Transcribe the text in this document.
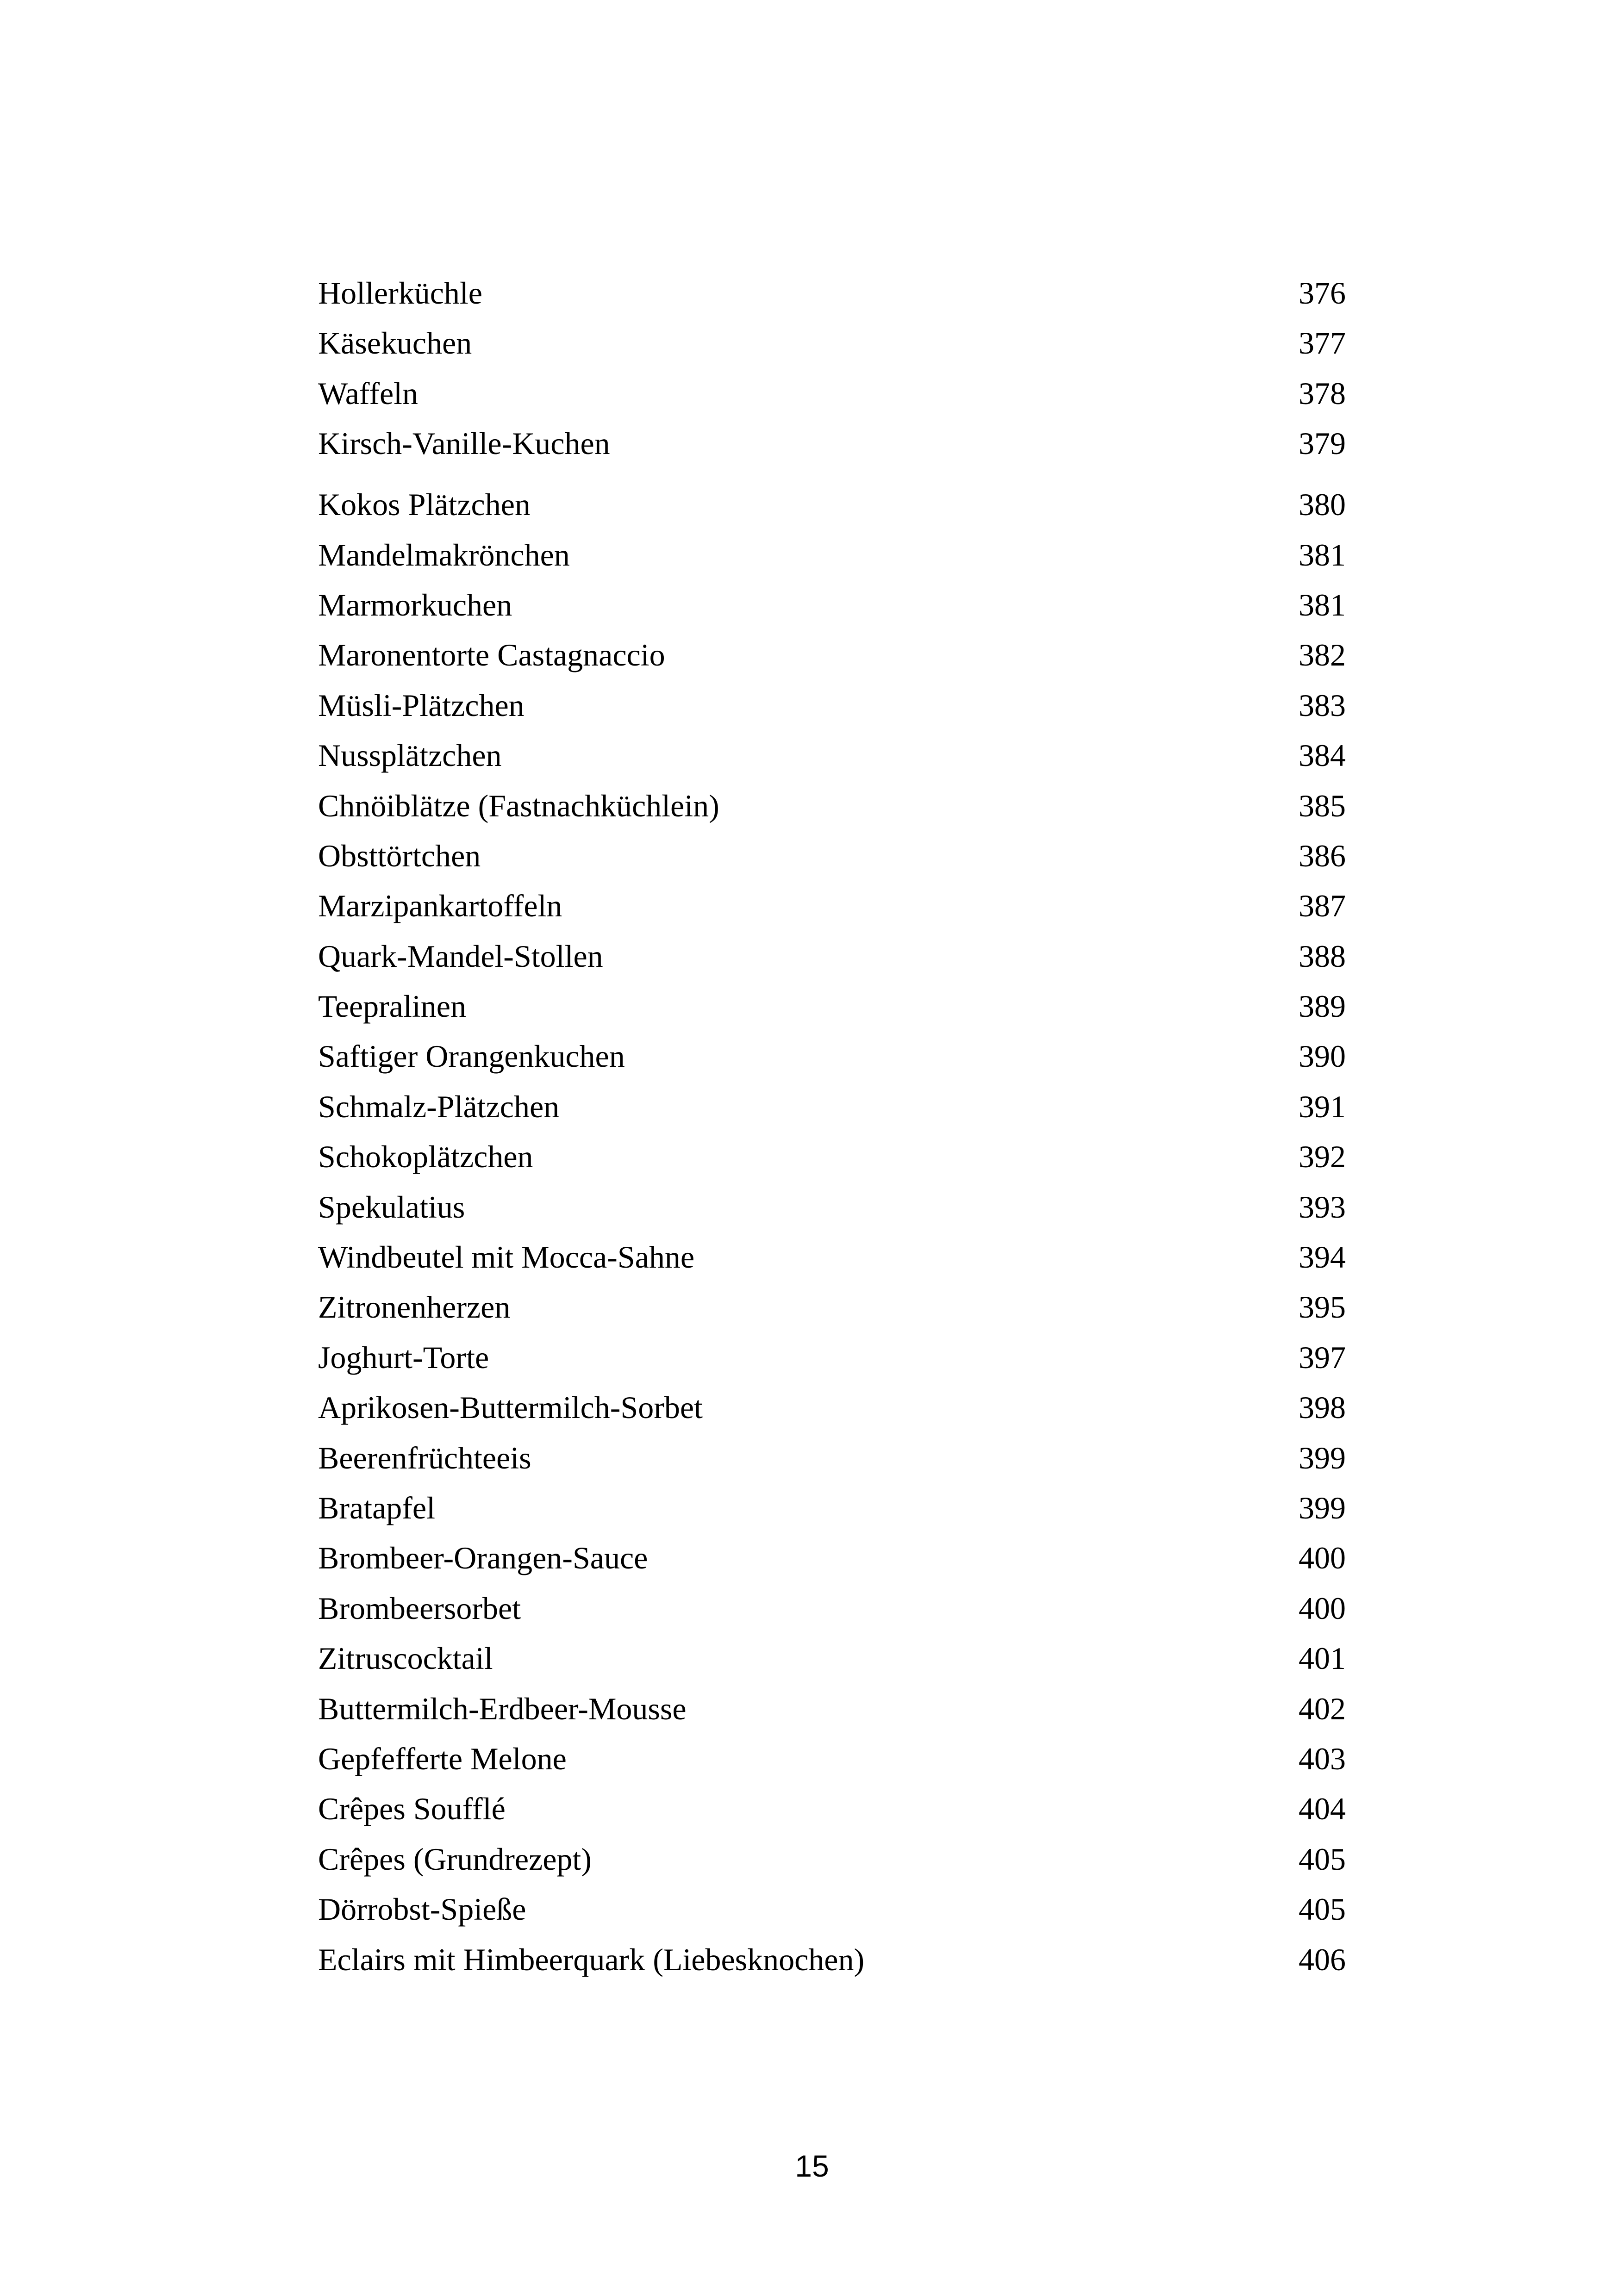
Hollerküchle	376
Käsekuchen	377
Waffeln	378
Kirsch-Vanille-Kuchen	379
Kokos Plätzchen	380
Mandelmakrönchen	381
Marmorkuchen	381
Maronentorte Castagnaccio	382
Müsli-Plätzchen	383
Nussplätzchen	384
Chnöiblätze (Fastnachküchlein)	385
Obsttörtchen	386
Marzipankartoffeln	387
Quark-Mandel-Stollen	388
Teepralinen	389
Saftiger Orangenkuchen	390
Schmalz-Plätzchen	391
Schokoplätzchen	392
Spekulatius	393
Windbeutel mit Mocca-Sahne	394
Zitronenherzen	395
Joghurt-Torte	397
Aprikosen-Buttermilch-Sorbet	398
Beerenfrüchteeis	399
Bratapfel	399
Brombeer-Orangen-Sauce	400
Brombeersorbet	400
Zitruscocktail	401
Buttermilch-Erdbeer-Mousse	402
Gepfefferte Melone	403
Crêpes Soufflé	404
Crêpes (Grundrezept)	405
Dörrobst-Spieße	405
Eclairs mit Himbeerquark (Liebesknochen)	406
15
